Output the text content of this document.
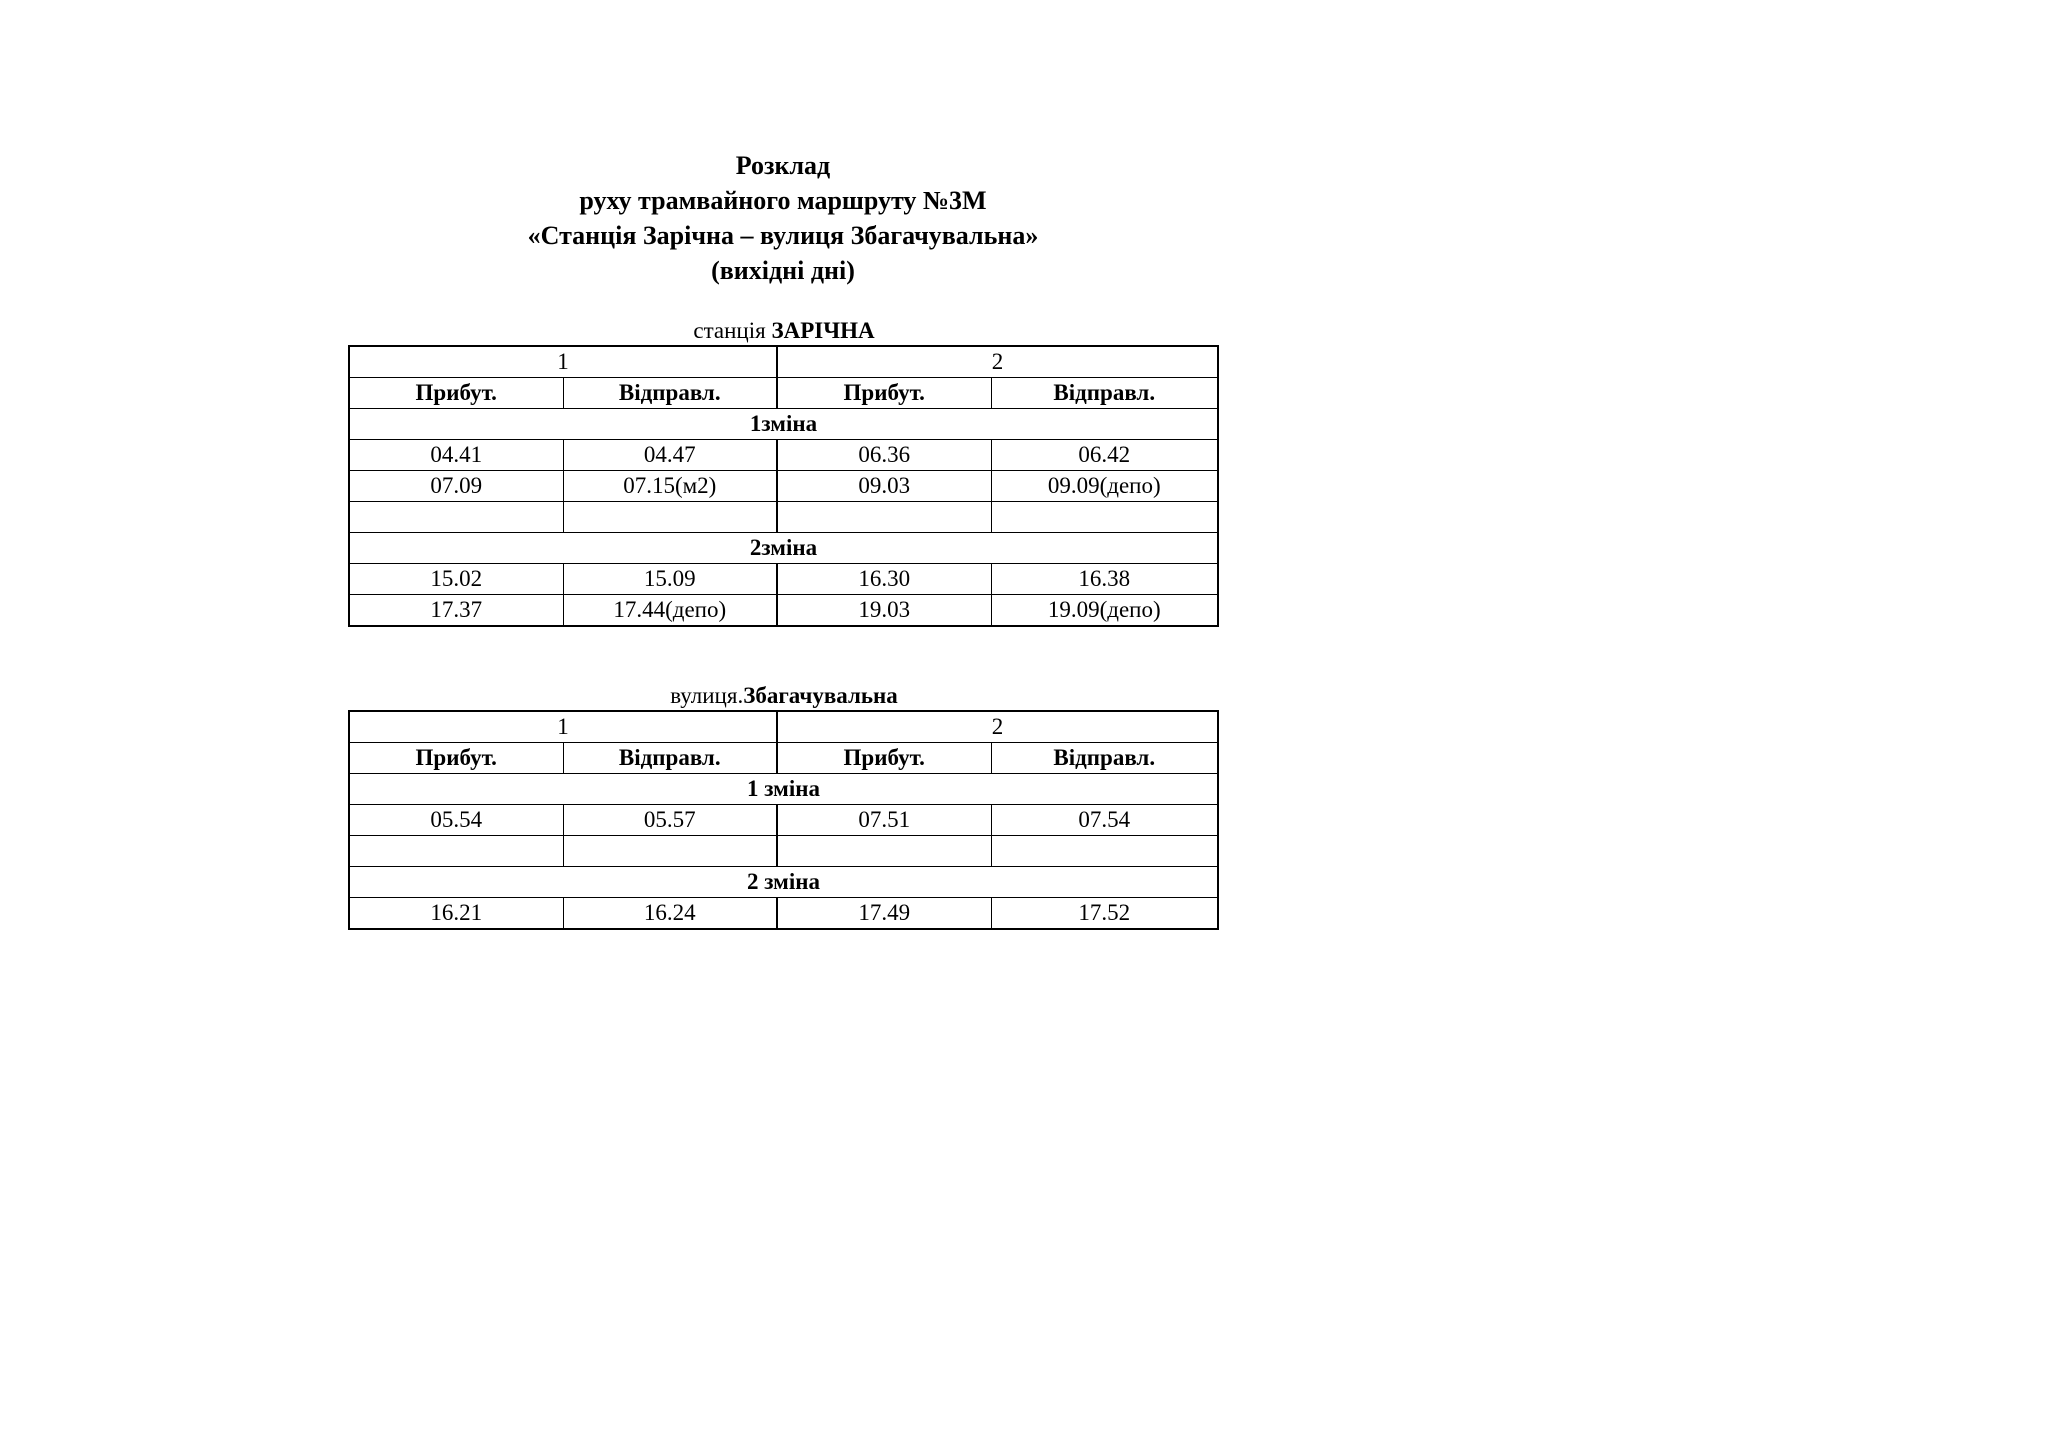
Розклад
руху трамвайного маршруту №3М
«Станція Зарічна – вулиця Збагачувальна»
(вихідні дні)
станція ЗАРІЧНА
1		2	
Прибут.	Відправл.	Прибут.	Відправл.
1зміна			
04.41	04.47	06.36	06.42
07.09	07.15(м2)	09.03	09.09(депо)

2зміна			
15.02	15.09	16.30	16.38
17.37	17.44(депо)	19.03	19.09(депо)
вулиця.Збагачувальна
1		2	
Прибут.	Відправл.	Прибут.	Відправл.
1 зміна			
05.54	05.57	07.51	07.54

2 зміна			
16.21	16.24	17.49	17.52
